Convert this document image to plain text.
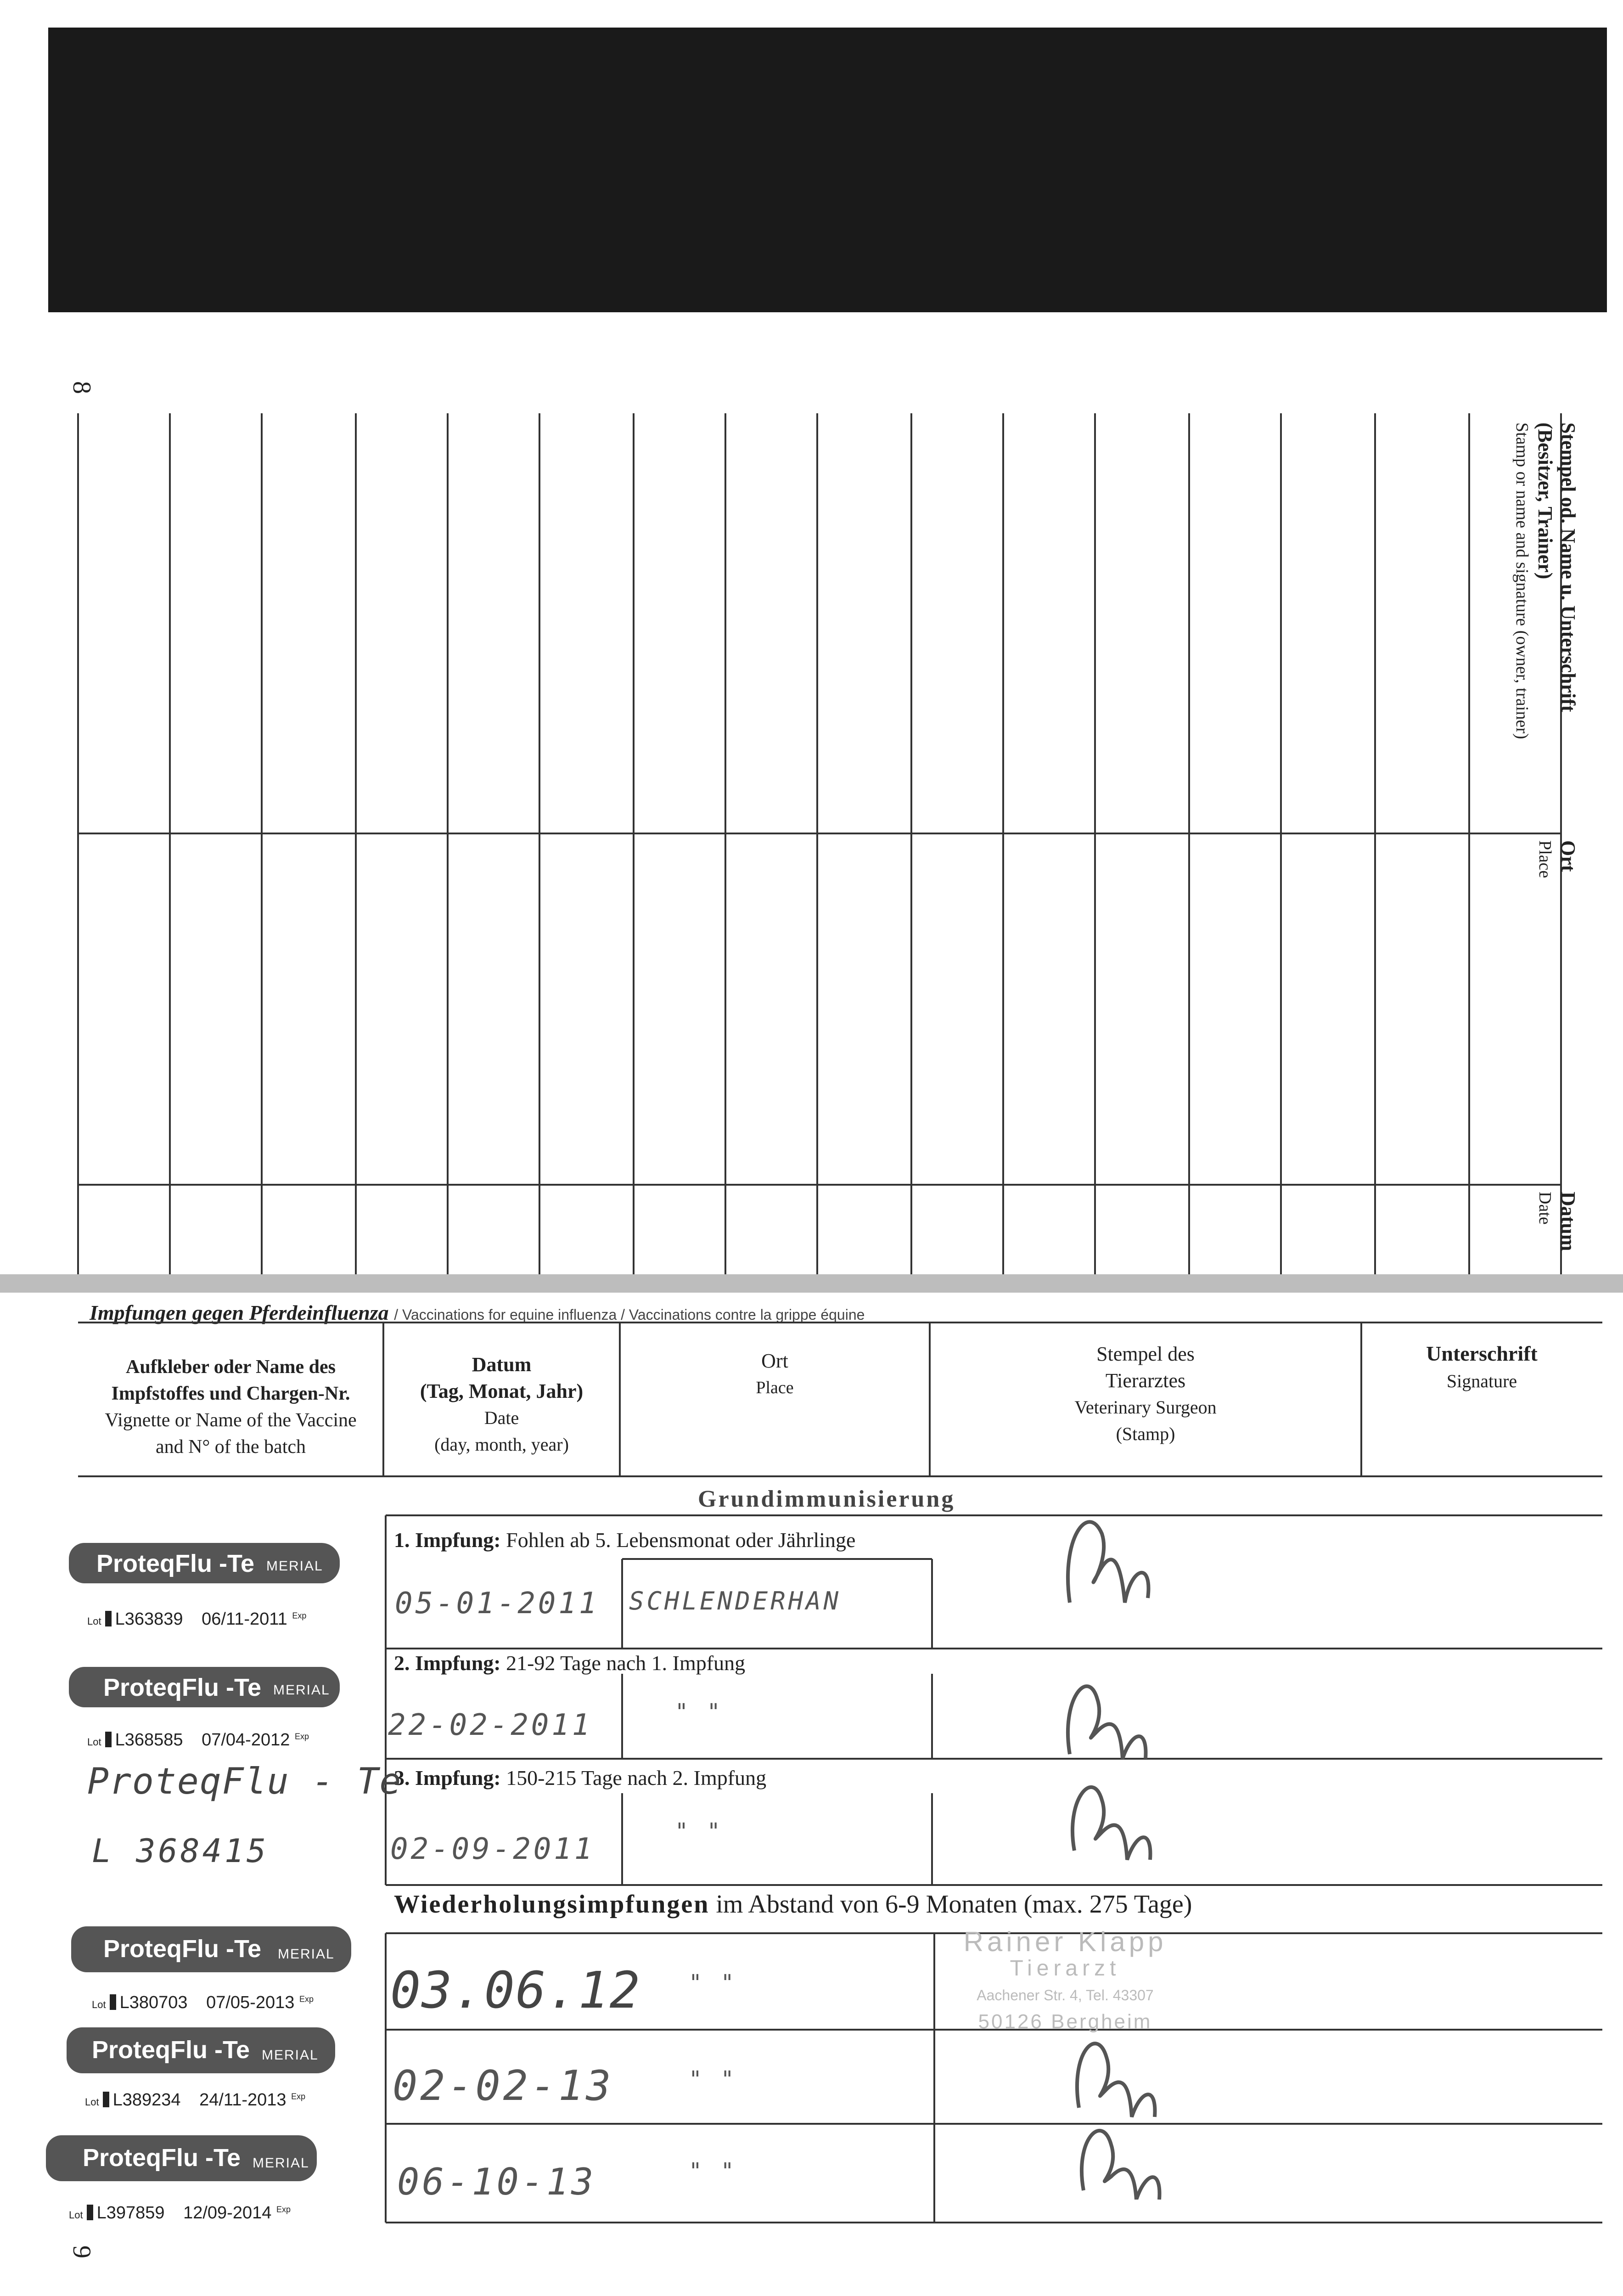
8
Stempel od. Name u. Unterschrift
(Besitzer, Trainer)
Stamp or name and signature (owner, trainer)
Ort
Place
Datum
Date
Impfungen gegen Pferdeinfluenza / Vaccinations for equine influenza / Vaccinations contre la grippe équine
Aufkleber oder Name des
Impfstoffes und Chargen-Nr.
Vignette or Name of the Vaccine
and N° of the batch
Datum
(Tag, Monat, Jahr)
Date
(day, month, year)
Ort
Place
Stempel des
Tierarztes
Veterinary Surgeon
(Stamp)
Unterschrift
Signature
Grundimmunisierung
1. Impfung: Fohlen ab 5. Lebensmonat oder Jährlinge
ProteqFlu -Te MERIAL
Lot L363839 06/11-2011 $^{Exp}$	05-01-2011 SCHLENDERHAN
2. Impfung: 21-92 Tage nach 1. Impfung
ProteqFlu -Te MERIAL
Lot L368585 07/04-2012 $^{Exp}$	22-02-2011	" "
3. Impfung: 150-215 Tage nach 2. Impfung
ProteqFlu - Te
L 368415	02-09-2011
" "
Wiederholungsimpfungen im Abstand von 6-9 Monaten (max. 275 Tage)
ProteqFlu -Te MERIAL
Lot L380703 07/05-2013 $^{Exp}$ 03.06.12 " "
ProteqFlu -Te MERIAL
Lot L389234 24/11-2013 $^{Exp}$ 02-02-13	" "
ProteqFlu -Te MERIAL
Lot L397859 12/09-2014 $^{Exp}$
06-10-13	" "
Rainer Klapp
Tierarzt
Aachener Str. 4, Tel. 43307
50126 Bergheim
9
